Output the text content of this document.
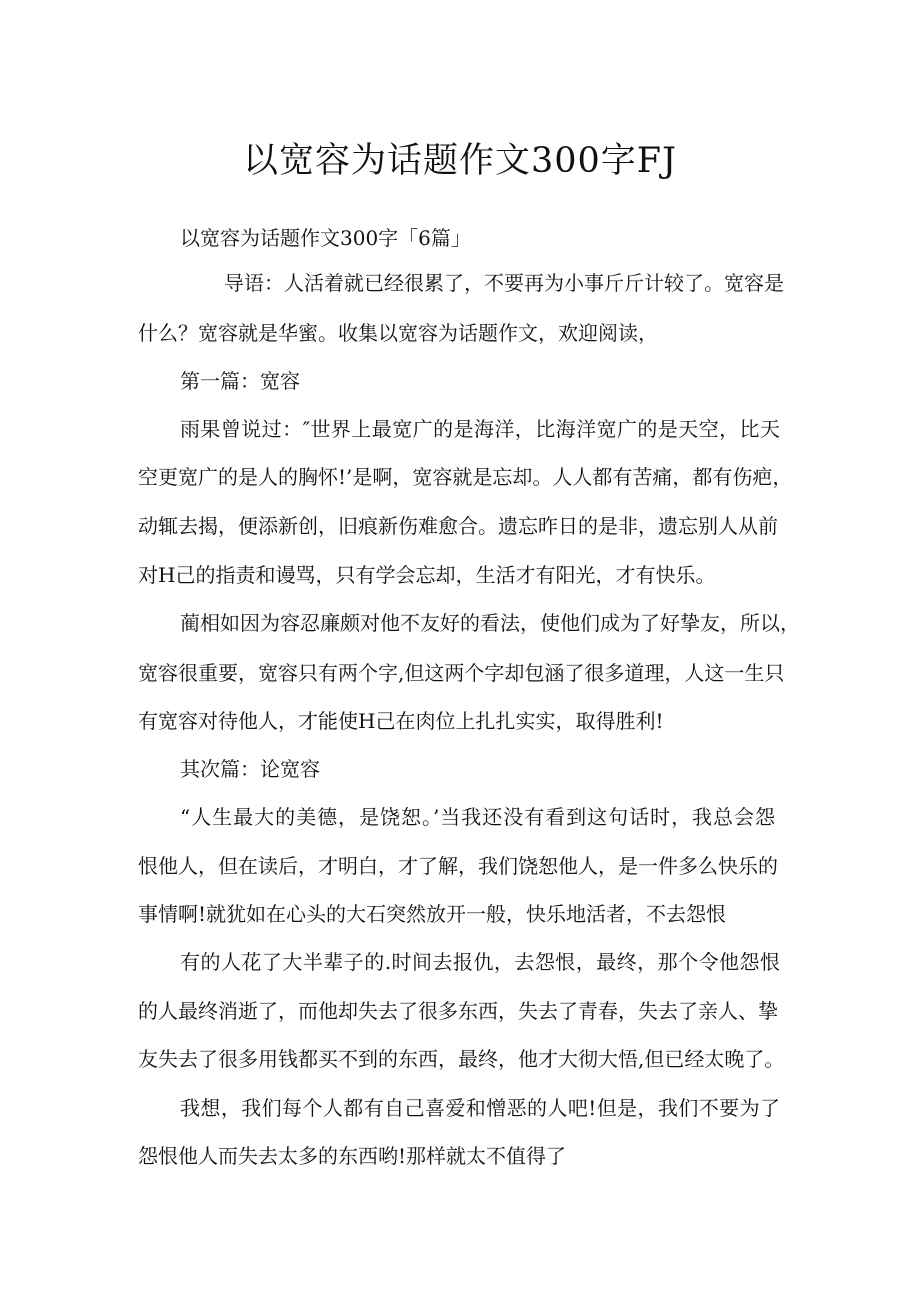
以宽容为话题作文300字FJ
以宽容为话题作文300字「6篇」
导语：人活着就已经很累了，不要再为小事斤斤计较了。宽容是
什么？宽容就是华蜜。收集以宽容为话题作文，欢迎阅读，
第一篇：宽容
雨果曾说过：″世界上最宽广的是海洋，比海洋宽广的是天空，比天
空更宽广的是人的胸怀!’是啊，宽容就是忘却。人人都有苦痛，都有伤疤，
动辄去揭，便添新创，旧痕新伤难愈合。遗忘昨日的是非，遗忘别人从前
对H己的指责和谩骂，只有学会忘却，生活才有阳光，才有快乐。
蔺相如因为容忍廉颇对他不友好的看法，使他们成为了好挚友，所以，
宽容很重要，宽容只有两个字,但这两个字却包涵了很多道理，人这一生只
有宽容对待他人，才能使H己在肉位上扎扎实实，取得胜利!
其次篇：论宽容
“人生最大的美德，是饶恕。’当我还没有看到这句话时，我总会怨
恨他人，但在读后，才明白，才了解，我们饶恕他人，是一件多么快乐的
事情啊!就犹如在心头的大石突然放开一般，快乐地活者，不去怨恨
有的人花了大半辈子的.时间去报仇，去怨恨，最终，那个令他怨恨
的人最终消逝了，而他却失去了很多东西，失去了青春，失去了亲人、挚
友失去了很多用钱都买不到的东西，最终，他才大彻大悟,但已经太晚了。
我想，我们每个人都有自己喜爱和憎恶的人吧!但是，我们不要为了
怨恨他人而失去太多的东西哟!那样就太不值得了
